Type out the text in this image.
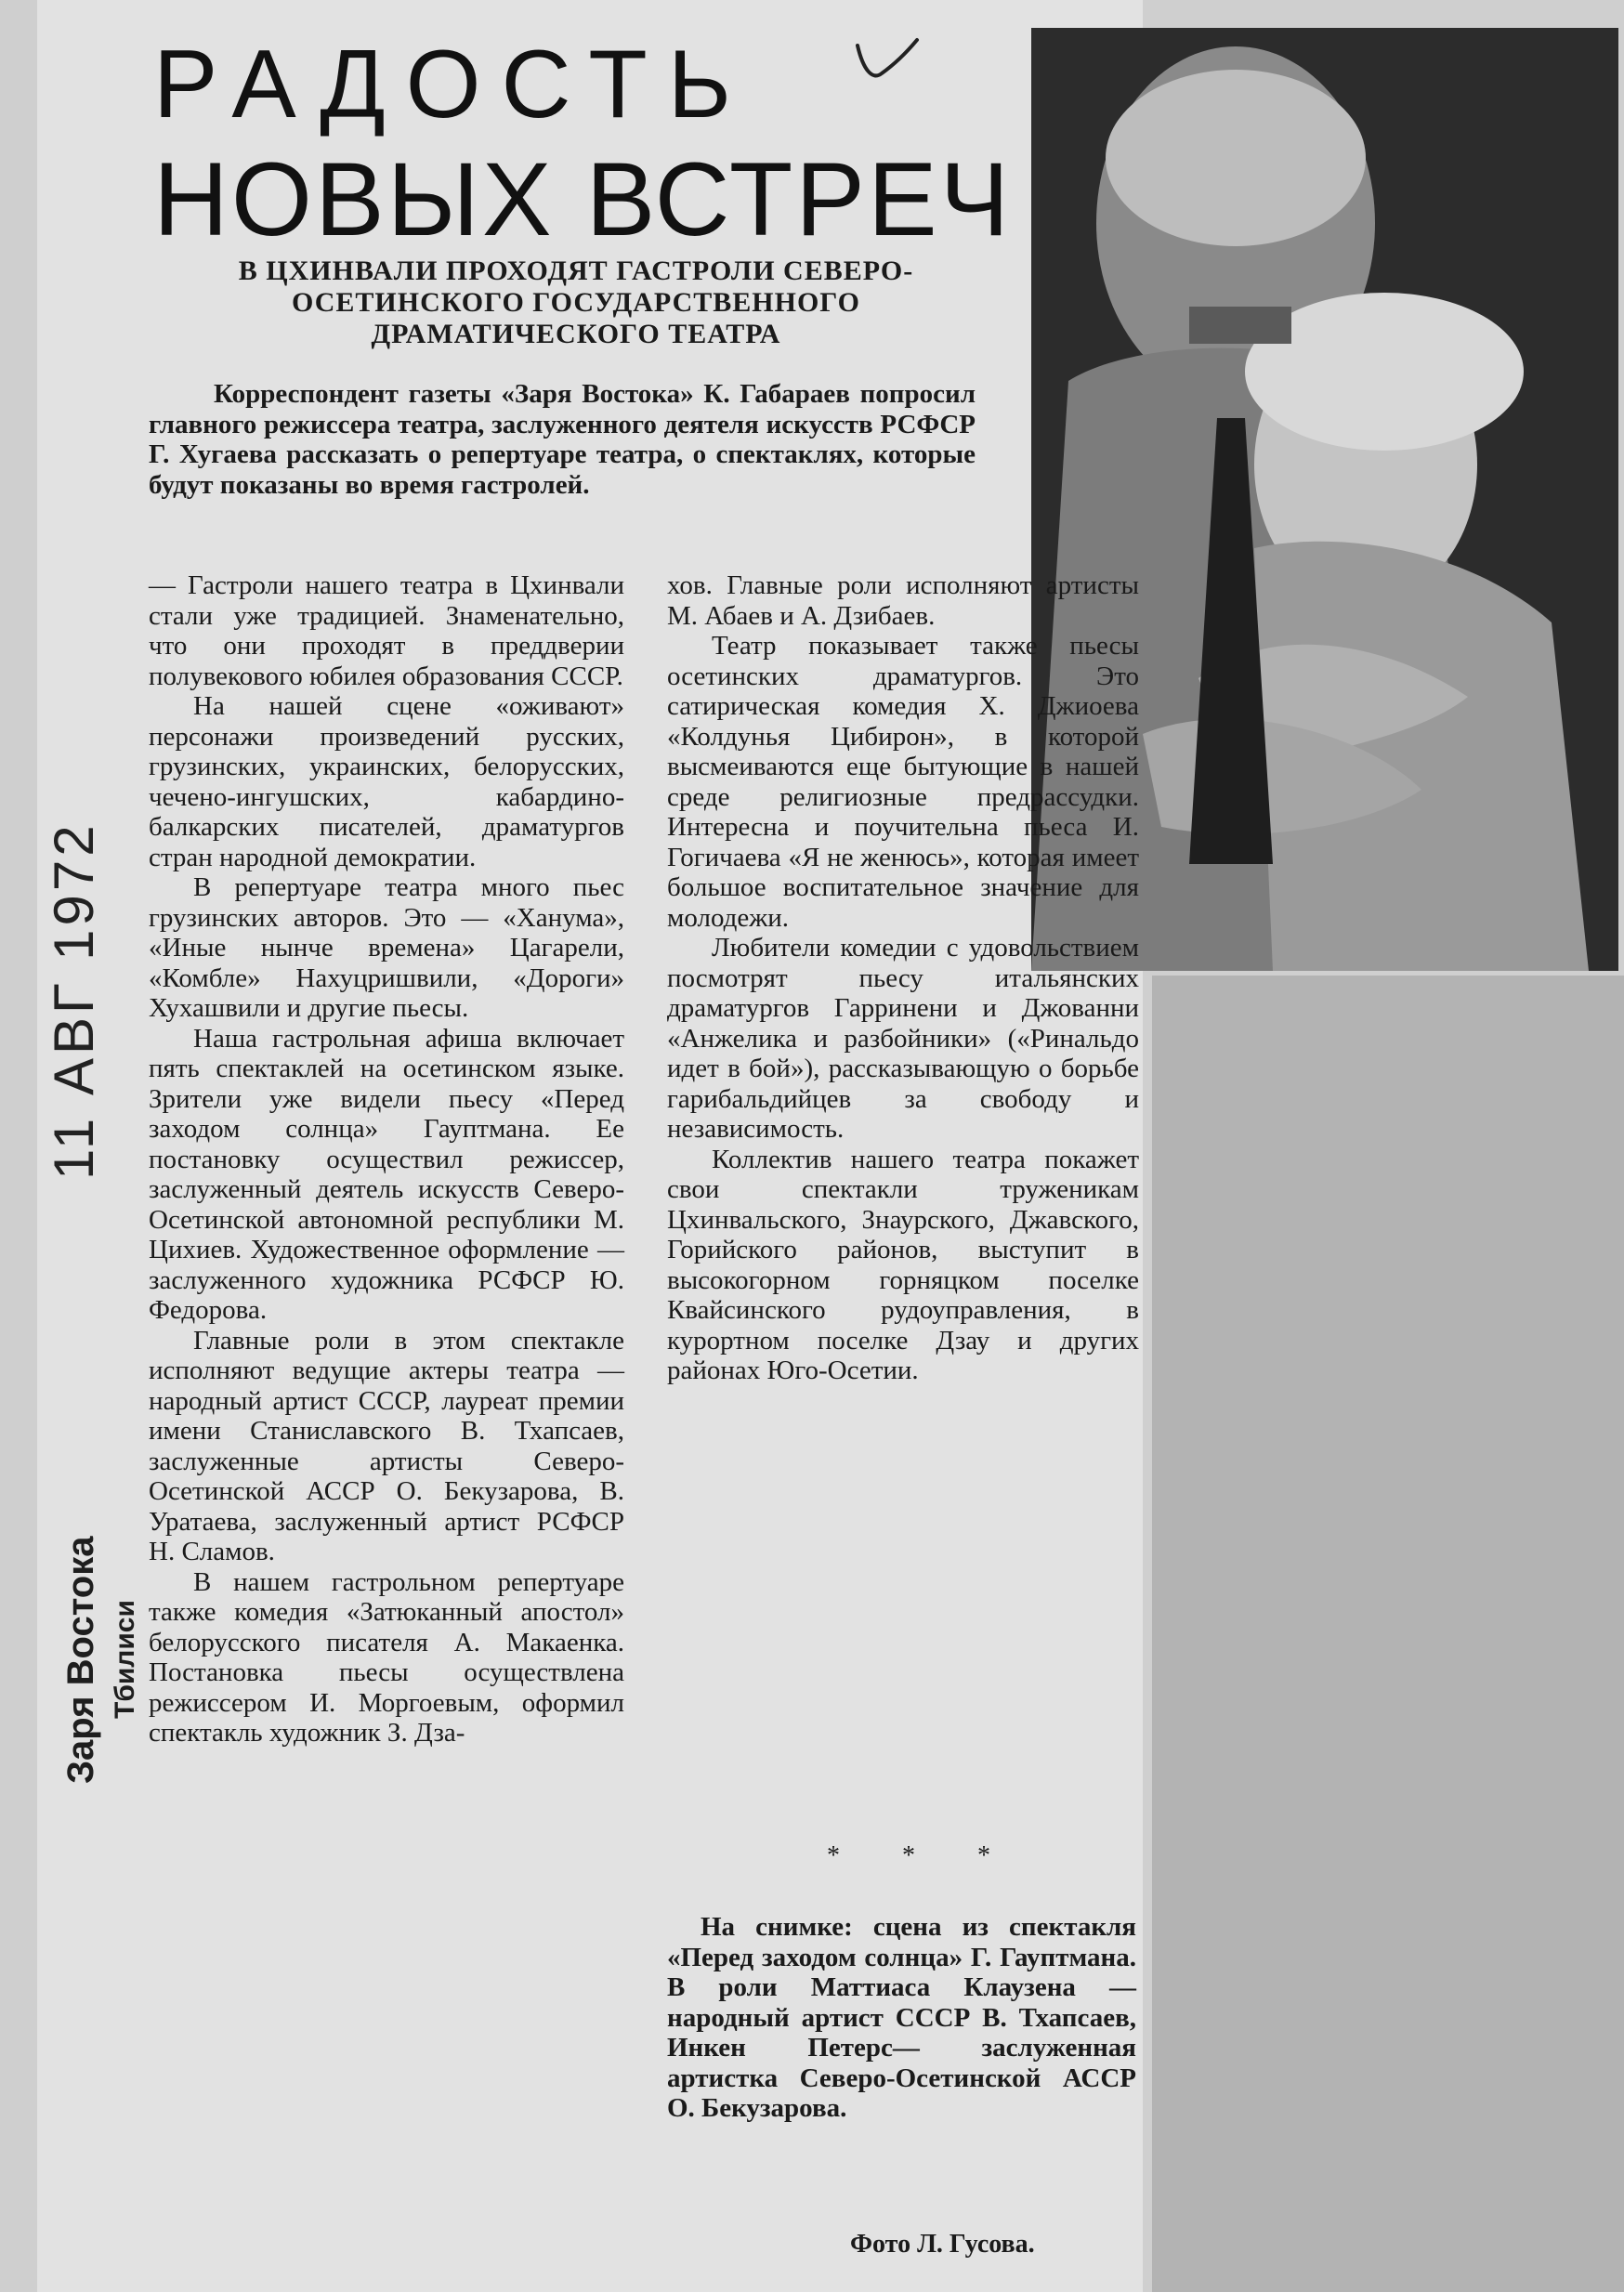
РАДОСТЬ
НОВЫХ ВСТРЕЧ
В ЦХИНВАЛИ ПРОХОДЯТ ГАСТРОЛИ СЕВЕРО-ОСЕТИНСКОГО ГОСУДАРСТВЕННОГО ДРАМАТИЧЕСКОГО ТЕАТРА
Корреспондент газеты «Заря Востока» К. Габараев попросил главного режиссера театра, заслуженного деятеля искусств РСФСР Г. Хугаева рассказать о репертуаре театра, о спектаклях, которые будут показаны во время гастролей.

— Гастроли нашего театра в Цхинвали стали уже традицией. Знаменательно, что они проходят в преддверии полувекового юбилея образования СССР.

На нашей сцене «оживают» персонажи произведений русских, грузинских, украинских, белорусских, чечено-ингушских, кабардино-балкарских писателей, драматургов стран народной демократии.

В репертуаре театра много пьес грузинских авторов. Это — «Ханума», «Иные нынче времена» Цагарели, «Комбле» Нахуцришвили, «Дороги» Хухашвили и другие пьесы.

Наша гастрольная афиша включает пять спектаклей на осетинском языке. Зрители уже видели пьесу «Перед заходом солнца» Гауптмана. Ее постановку осуществил режиссер, заслуженный деятель искусств Северо-Осетинской автономной республики М. Цихиев. Художественное оформление — заслуженного художника РСФСР Ю. Федорова.

Главные роли в этом спектакле исполняют ведущие актеры театра — народный артист СССР, лауреат премии имени Станиславского В. Тхапсаев, заслуженные артисты Северо-Осетинской АССР О. Бекузарова, В. Уратаева, заслуженный артист РСФСР Н. Сламов.

В нашем гастрольном репертуаре также комедия «Затюканный апостол» белорусского писателя А. Макаенка. Постановка пьесы осуществлена режиссером И. Моргоевым, оформил спектакль художник З. Дза-

хов. Главные роли исполняют артисты М. Абаев и А. Дзибаев.

Театр показывает также пьесы осетинских драматургов. Это сатирическая комедия Х. Джиоева «Колдунья Цибирон», в которой высмеиваются еще бытующие в нашей среде религиозные предрассудки. Интересна и поучительна пьеса И. Гогичаева «Я не женюсь», которая имеет большое воспитательное значение для молодежи.

Любители комедии с удовольствием посмотрят пьесу итальянских драматургов Гарринени и Джованни «Анжелика и разбойники» («Ринальдо идет в бой»), рассказывающую о борьбе гарибальдийцев за свободу и независимость.

Коллектив нашего театра покажет свои спектакли труженикам Цхинвальского, Знаурского, Джавского, Горийского районов, выступит в высокогорном горняцком поселке Квайсинского рудоуправления, в курортном поселке Дзау и других районах Юго-Осетии.

* * *
На снимке: сцена из спектакля «Перед заходом солнца» Г. Гауптмана. В роли Маттиаса Клаузена — народный артист СССР В. Тхапсаев, Инкен Петерс— заслуженная артистка Северо-Осетинской АССР О. Бекузарова.
Фото Л. Гусова.
11 АВГ 1972
Заря Востока Тбилиси
